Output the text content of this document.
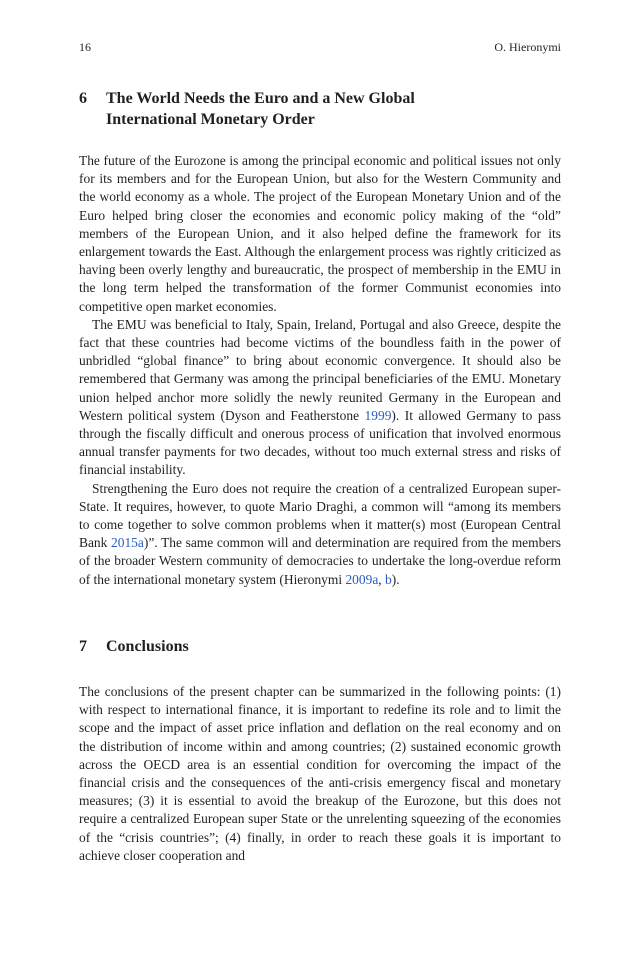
16	O. Hieronymi
6	The World Needs the Euro and a New Global
International Monetary Order

The future of the Eurozone is among the principal economic and political issues not only for its members and for the European Union, but also for the Western Community and the world economy as a whole. The project of the European Monetary Union and of the Euro helped bring closer the economies and economic policy making of the “old” members of the European Union, and it also helped define the framework for its enlargement towards the East. Although the enlargement process was rightly criticized as having been overly lengthy and bureaucratic, the prospect of membership in the EMU in the long term helped the transformation of the former Communist economies into competitive open market economies.

The EMU was beneficial to Italy, Spain, Ireland, Portugal and also Greece, despite the fact that these countries had become victims of the boundless faith in the power of unbridled “global finance” to bring about economic convergence. It should also be remembered that Germany was among the principal beneficiaries of the EMU. Monetary union helped anchor more solidly the newly reunited Germany in the European and Western political system (Dyson and Featherstone 1999). It allowed Germany to pass through the fiscally difficult and onerous process of unification that involved enormous annual transfer payments for two decades, without too much external stress and risks of financial instability.

Strengthening the Euro does not require the creation of a centralized European super-State. It requires, however, to quote Mario Draghi, a common will “among its members to come together to solve common problems when it matter(s) most (European Central Bank 2015a)”. The same common will and determination are required from the members of the broader Western community of democracies to undertake the long-overdue reform of the international monetary system (Hieronymi 2009a, b).

7	Conclusions

The conclusions of the present chapter can be summarized in the following points: (1) with respect to international finance, it is important to redefine its role and to limit the scope and the impact of asset price inflation and deflation on the real economy and on the distribution of income within and among countries; (2) sustained economic growth across the OECD area is an essential condition for overcoming the impact of the financial crisis and the consequences of the anti-crisis emergency fiscal and monetary measures; (3) it is essential to avoid the breakup of the Eurozone, but this does not require a centralized European super State or the unrelenting squeezing of the economies of the “crisis countries”; (4) finally, in order to reach these goals it is important to achieve closer cooperation and
